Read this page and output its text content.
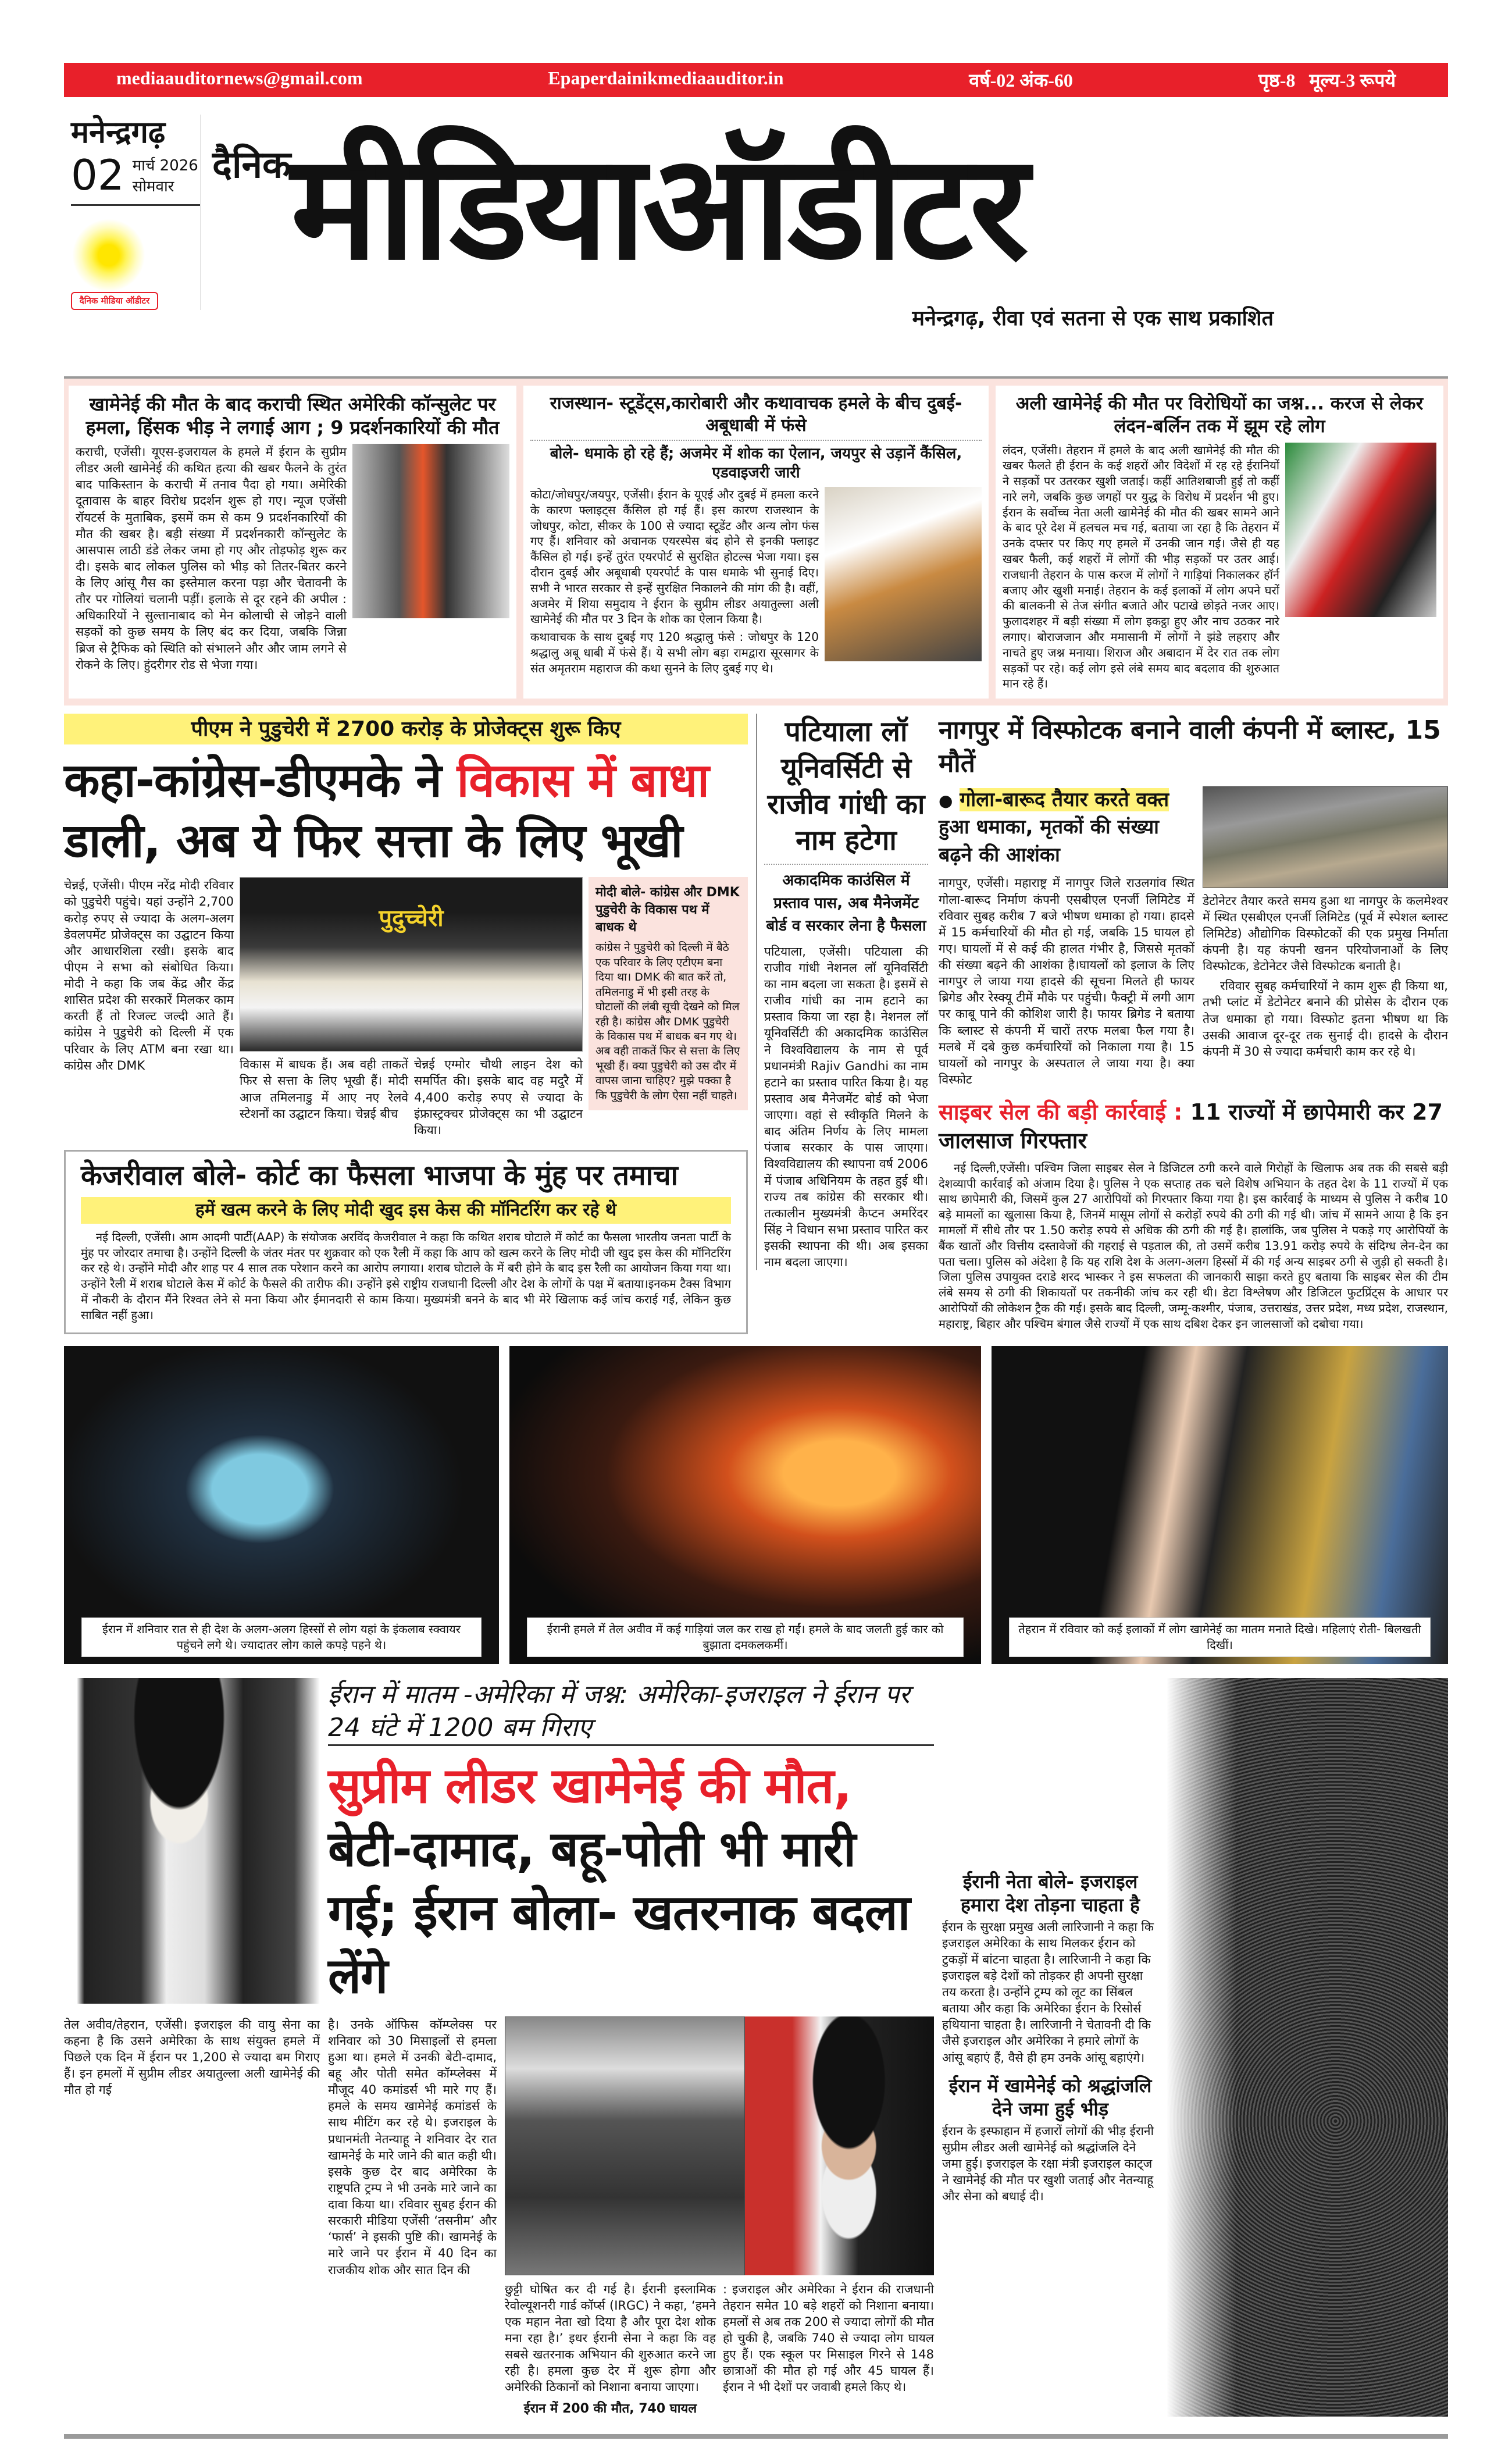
mediaauditornews@gmail.com	Epaperdainikmediaauditor.in	वर्ष-02 अंक-60	पृष्ठ-8 मूल्य-3 रूपये
मनेन्द्रगढ़
02 मार्च 2026
सोमवार
दैनिक मीडिया ऑडीटर
दैनिक मीडियाऑडीटर
मनेन्द्रगढ़, रीवा एवं सतना से एक साथ प्रकाशित
खामेनेई की मौत के बाद कराची स्थित अमेरिकी कॉन्सुलेट पर हमला, हिंसक भीड़ ने लगाई आग ; 9 प्रदर्शनकारियों की मौत
कराची, एजेंसी। यूएस-इजरायल के हमले में ईरान के सुप्रीम लीडर अली खामेनेई की कथित हत्या की खबर फैलने के तुरंत बाद पाकिस्तान के कराची में तनाव पैदा हो गया। अमेरिकी दूतावास के बाहर विरोध प्रदर्शन शुरू हो गए। न्यूज एजेंसी रॉयटर्स के मुताबिक, इसमें कम से कम 9 प्रदर्शनकारियों की मौत की खबर है। बड़ी संख्या में प्रदर्शनकारी कॉन्सुलेट के आसपास लाठी डंडे लेकर जमा हो गए और तोड़फोड़ शुरू कर दी। इसके बाद लोकल पुलिस को भीड़ को तितर-बितर करने के लिए आंसू गैस का इस्तेमाल करना पड़ा और चेतावनी के तौर पर गोलियां चलानी पड़ीं। इलाके से दूर रहने की अपील : अधिकारियों ने सुल्तानाबाद को मेन कोलाची से जोड़ने वाली सड़कों को कुछ समय के लिए बंद कर दिया, जबकि जिन्ना ब्रिज से ट्रैफिक को स्थिति को संभालने और और जाम लगने से रोकने के लिए। हुंदरीगर रोड से भेजा गया।
राजस्थान- स्टूडेंट्स,कारोबारी और कथावाचक हमले के बीच दुबई-अबूधाबी में फंसे
बोले- धमाके हो रहे हैं; अजमेर में शोक का ऐलान, जयपुर से उड़ानें कैंसिल, एडवाइजरी जारी
कोटा/जोधपुर/जयपुर, एजेंसी। ईरान के यूएई और दुबई में हमला करने के कारण फ्लाइट्स कैंसिल हो गई हैं। इस कारण राजस्थान के जोधपुर, कोटा, सीकर के 100 से ज्यादा स्टूडेंट और अन्य लोग फंस गए हैं। शनिवार को अचानक एयरस्पेस बंद होने से इनकी फ्लाइट कैंसिल हो गई। इन्हें तुरंत एयरपोर्ट से सुरक्षित होटल्स भेजा गया। इस दौरान दुबई और अबूधाबी एयरपोर्ट के पास धमाके भी सुनाई दिए। सभी ने भारत सरकार से इन्हें सुरक्षित निकालने की मांग की है। वहीं, अजमेर में शिया समुदाय ने ईरान के सुप्रीम लीडर अयातुल्ला अली खामेनेई की मौत पर 3 दिन के शोक का ऐलान किया है।
कथावाचक के साथ दुबई गए 120 श्रद्धालु फंसे : जोधपुर के 120 श्रद्धालु अबू धाबी में फंसे हैं। ये सभी लोग बड़ा रामद्वारा सूरसागर के संत अमृतराम महाराज की कथा सुनने के लिए दुबई गए थे।
अली खामेनेई की मौत पर विरोधियों का जश्न... करज से लेकर लंदन-बर्लिन तक में झूम रहे लोग
लंदन, एजेंसी। तेहरान में हमले के बाद अली खामेनेई की मौत की खबर फैलते ही ईरान के कई शहरों और विदेशों में रह रहे ईरानियों ने सड़कों पर उतरकर खुशी जताई। कहीं आतिशबाजी हुई तो कहीं नारे लगे, जबकि कुछ जगहों पर युद्ध के विरोध में प्रदर्शन भी हुए। ईरान के सर्वोच्च नेता अली खामेनेई की मौत की खबर सामने आने के बाद पूरे देश में हलचल मच गई, बताया जा रहा है कि तेहरान में उनके दफ्तर पर किए गए हमले में उनकी जान गई। जैसे ही यह खबर फैली, कई शहरों में लोगों की भीड़ सड़कों पर उतर आई। राजधानी तेहरान के पास करज में लोगों ने गाड़ियां निकालकर हॉर्न बजाए और खुशी मनाई। तेहरान के कई इलाकों में लोग अपने घरों की बालकनी से तेज संगीत बजाते और पटाखे छोड़ते नजर आए। फुलादशहर में बड़ी संख्या में लोग इकट्ठा हुए और नाच उठकर नारे लगाए। बोराजजान और ममासानी में लोगों ने झंडे लहराए और नाचते हुए जश्न मनाया। शिराज और अबादान में देर रात तक लोग सड़कों पर रहे। कई लोग इसे लंबे समय बाद बदलाव की शुरुआत मान रहे हैं।
पीएम ने पुडुचेरी में 2700 करोड़ के प्रोजेक्ट्स शुरू किए
कहा-कांग्रेस-डीएमके ने विकास में बाधा डाली, अब ये फिर सत्ता के लिए भूखी
चेन्नई, एजेंसी। पीएम नरेंद्र मोदी रविवार को पुडुचेरी पहुंचे। यहां उन्होंने 2,700 करोड़ रुपए से ज्यादा के अलग-अलग डेवलपमेंट प्रोजेक्ट्स का उद्घाटन किया और आधारशिला रखी। इसके बाद पीएम ने सभा को संबोधित किया। मोदी ने कहा कि जब केंद्र और केंद्र शासित प्रदेश की सरकारें मिलकर काम करती हैं तो रिजल्ट जल्दी आते हैं। कांग्रेस ने पुडुचेरी को दिल्ली में एक परिवार के लिए ATM बना रखा था। कांग्रेस और DMK
पुदुच्चेरी
विकास में बाधक हैं। अब वही ताकतें फिर से सत्ता के लिए भूखी हैं। मोदी आज तमिलनाडु में आए नए रेलवे स्टेशनों का उद्घाटन किया। चेन्नई बीच
चेन्नई एग्मोर चौथी लाइन देश को समर्पित की। इसके बाद वह मदुरै में 4,400 करोड़ रुपए से ज्यादा के इंफ्रास्ट्रक्चर प्रोजेक्ट्स का भी उद्घाटन किया।
मोदी बोले- कांग्रेस और DMK पुडुचेरी के विकास पथ में बाधक थे
कांग्रेस ने पुडुचेरी को दिल्ली में बैठे एक परिवार के लिए एटीएम बना दिया था। DMK की बात करें तो, तमिलनाडु में भी इसी तरह के घोटालों की लंबी सूची देखने को मिल रही है। कांग्रेस और DMK पुडुचेरी के विकास पथ में बाधक बन गए थे। अब वही ताकतें फिर से सत्ता के लिए भूखी हैं। क्या पुडुचेरी को उस दौर में वापस जाना चाहिए? मुझे पक्का है कि पुडुचेरी के लोग ऐसा नहीं चाहते।
केजरीवाल बोले- कोर्ट का फैसला भाजपा के मुंह पर तमाचा
हमें खत्म करने के लिए मोदी खुद इस केस की मॉनिटरिंग कर रहे थे
नई दिल्ली, एजेंसी। आम आदमी पार्टी(AAP) के संयोजक अरविंद केजरीवाल ने कहा कि कथित शराब घोटाले में कोर्ट का फैसला भारतीय जनता पार्टी के मुंह पर जोरदार तमाचा है। उन्होंने दिल्ली के जंतर मंतर पर शुक्रवार को एक रैली में कहा कि आप को खत्म करने के लिए मोदी जी खुद इस केस की मॉनिटरिंग कर रहे थे। उन्होंने मोदी और शाह पर 4 साल तक परेशान करने का आरोप लगाया। शराब घोटाले के में बरी होने के बाद इस रैली का आयोजन किया गया था। उन्होंने रैली में शराब घोटाले केस में कोर्ट के फैसले की तारीफ की। उन्होंने इसे राष्ट्रीय राजधानी दिल्ली और देश के लोगों के पक्ष में बताया।इनकम टैक्स विभाग में नौकरी के दौरान मैंने रिश्वत लेने से मना किया और ईमानदारी से काम किया। मुख्यमंत्री बनने के बाद भी मेरे खिलाफ कई जांच कराई गईं, लेकिन कुछ साबित नहीं हुआ।
पटियाला लॉ यूनिवर्सिटी से राजीव गांधी का नाम हटेगा
अकादमिक काउंसिल में प्रस्ताव पास, अब मैनेजमेंट बोर्ड व सरकार लेना है फैसला
पटियाला, एजेंसी। पटियाला की राजीव गांधी नेशनल लॉ यूनिवर्सिटी का नाम बदला जा सकता है। इसमें से राजीव गांधी का नाम हटाने का प्रस्ताव किया जा रहा है। नेशनल लॉ यूनिवर्सिटी की अकादमिक काउंसिल ने विश्वविद्यालय के नाम से पूर्व प्रधानमंत्री Rajiv Gandhi का नाम हटाने का प्रस्ताव पारित किया है। यह प्रस्ताव अब मैनेजमेंट बोर्ड को भेजा जाएगा। वहां से स्वीकृति मिलने के बाद अंतिम निर्णय के लिए मामला पंजाब सरकार के पास जाएगा। विश्वविद्यालय की स्थापना वर्ष 2006 में पंजाब अधिनियम के तहत हुई थी। राज्य तब कांग्रेस की सरकार थी। तत्कालीन मुख्यमंत्री कैप्टन अमरिंदर सिंह ने विधान सभा प्रस्ताव पारित कर इसकी स्थापना की थी। अब इसका नाम बदला जाएगा।
नागपुर में विस्फोटक बनाने वाली कंपनी में ब्लास्ट, 15 मौतें
● गोला-बारूद तैयार करते वक्त
हुआ धमाका, मृतकों की संख्या बढ़ने की आशंका
नागपुर, एजेंसी। महाराष्ट्र में नागपुर जिले राउलगांव स्थित गोला-बारूद निर्माण कंपनी एसबीएल एनर्जी लिमिटेड में रविवार सुबह करीब 7 बजे भीषण धमाका हो गया। हादसे में 15 कर्मचारियों की मौत हो गई, जबकि 15 घायल हो गए। घायलों में से कई की हालत गंभीर है, जिससे मृतकों की संख्या बढ़ने की आशंका है।घायलों को इलाज के लिए नागपुर ले जाया गया हादसे की सूचना मिलते ही फायर ब्रिगेड और रेस्क्यू टीमें मौके पर पहुंची। फैक्ट्री में लगी आग पर काबू पाने की कोशिश जारी है। फायर ब्रिगेड ने बताया कि ब्लास्ट से कंपनी में चारों तरफ मलबा फैल गया है। मलबे में दबे कुछ कर्मचारियों को निकाला गया है। 15 घायलों को नागपुर के अस्पताल ले जाया गया है। क्या विस्फोट
डेटोनेटर तैयार करते समय हुआ था नागपुर के कलमेश्वर में स्थित एसबीएल एनर्जी लिमिटेड (पूर्व में स्पेशल ब्लास्ट लिमिटेड) औद्योगिक विस्फोटकों की एक प्रमुख निर्माता कंपनी है। यह कंपनी खनन परियोजनाओं के लिए विस्फोटक, डेटोनेटर जैसे विस्फोटक बनाती है।
रविवार सुबह कर्मचारियों ने काम शुरू ही किया था, तभी प्लांट में डेटोनेटर बनाने की प्रोसेस के दौरान एक तेज धमाका हो गया। विस्फोट इतना भीषण था कि उसकी आवाज दूर-दूर तक सुनाई दी। हादसे के दौरान कंपनी में 30 से ज्यादा कर्मचारी काम कर रहे थे।
साइबर सेल की बड़ी कार्रवाई : 11 राज्यों में छापेमारी कर 27 जालसाज गिरफ्तार
नई दिल्ली,एजेंसी। पश्चिम जिला साइबर सेल ने डिजिटल ठगी करने वाले गिरोहों के खिलाफ अब तक की सबसे बड़ी देशव्यापी कार्रवाई को अंजाम दिया है। पुलिस ने एक सप्ताह तक चले विशेष अभियान के तहत देश के 11 राज्यों में एक साथ छापेमारी की, जिसमें कुल 27 आरोपियों को गिरफ्तार किया गया है। इस कार्रवाई के माध्यम से पुलिस ने करीब 10 बड़े मामलों का खुलासा किया है, जिनमें मासूम लोगों से करोड़ों रुपये की ठगी की गई थी। जांच में सामने आया है कि इन मामलों में सीधे तौर पर 1.50 करोड़ रुपये से अधिक की ठगी की गई है। हालांकि, जब पुलिस ने पकड़े गए आरोपियों के बैंक खातों और वित्तीय दस्तावेजों की गहराई से पड़ताल की, तो उसमें करीब 13.91 करोड़ रुपये के संदिग्ध लेन-देन का पता चला। पुलिस को अंदेशा है कि यह राशि देश के अलग-अलग हिस्सों में की गई अन्य साइबर ठगी से जुड़ी हो सकती है। जिला पुलिस उपायुक्त दराडे शरद भास्कर ने इस सफलता की जानकारी साझा करते हुए बताया कि साइबर सेल की टीम लंबे समय से ठगी की शिकायतों पर तकनीकी जांच कर रही थी। डेटा विश्लेषण और डिजिटल फुटप्रिंट्स के आधार पर आरोपियों की लोकेशन ट्रैक की गई। इसके बाद दिल्ली, जम्मू-कश्मीर, पंजाब, उत्तराखंड, उत्तर प्रदेश, मध्य प्रदेश, राजस्थान, महाराष्ट्र, बिहार और पश्चिम बंगाल जैसे राज्यों में एक साथ दबिश देकर इन जालसाजों को दबोचा गया।
ईरान में शनिवार रात से ही देश के अलग-अलग हिस्सों से लोग यहां के इंकलाब स्क्वायर पहुंचने लगे थे। ज्यादातर लोग काले कपड़े पहने थे।
ईरानी हमले में तेल अवीव में कई गाड़ियां जल कर राख हो गईं। हमले के बाद जलती हुई कार को बुझाता दमकलकर्मी।
तेहरान में रविवार को कई इलाकों में लोग खामेनेई का मातम मनाते दिखे। महिलाएं रोती- बिलखती दिखीं।
ईरान में मातम -अमेरिका में जश्न: अमेरिका-इजराइल ने ईरान पर 24 घंटे में 1200 बम गिराए
सुप्रीम लीडर खामेनेई की मौत, बेटी-दामाद, बहू-पोती भी मारी गई; ईरान बोला- खतरनाक बदला लेंगे
तेल अवीव/तेहरान, एजेंसी। इजराइल की वायु सेना का कहना है कि उसने अमेरिका के साथ संयुक्त हमले में पिछले एक दिन में ईरान पर 1,200 से ज्यादा बम गिराए हैं। इन हमलों में सुप्रीम लीडर अयातुल्ला अली खामेनेई की मौत हो गई
है। उनके ऑफिस कॉम्प्लेक्स पर शनिवार को 30 मिसाइलों से हमला हुआ था। हमले में उनकी बेटी-दामाद, बहू और पोती समेत कॉम्प्लेक्स में मौजूद 40 कमांडर्स भी मारे गए हैं। हमले के समय खामेनेई कमांडर्स के साथ मीटिंग कर रहे थे। इजराइल के प्रधानमंती नेतन्याहू ने शनिवार देर रात खामनेई के मारे जाने की बात कही थी। इसके कुछ देर बाद अमेरिका के राष्ट्रपति ट्रम्प ने भी उनके मारे जाने का दावा किया था। रविवार सुबह ईरान की सरकारी मीडिया एजेंसी ‘तसनीम’ और ‘फार्स’ ने इसकी पुष्टि की। खामनेई के मारे जाने पर ईरान में 40 दिन का राजकीय शोक और सात दिन की
छुट्टी घोषित कर दी गई है। ईरानी इस्लामिक रेवोल्यूशनरी गार्ड कॉर्प्स (IRGC) ने कहा, ‘हमने एक महान नेता खो दिया है और पूरा देश शोक मना रहा है।’ इधर ईरानी सेना ने कहा कि वह सबसे खतरनाक अभियान की शुरुआत करने जा रही है। हमला कुछ देर में शुरू होगा और अमेरिकी ठिकानों को निशाना बनाया जाएगा।
ईरान में 200 की मौत, 740 घायल
: इजराइल और अमेरिका ने ईरान की राजधानी तेहरान समेत 10 बड़े शहरों को निशाना बनाया। हमलों से अब तक 200 से ज्यादा लोगों की मौत हो चुकी है, जबकि 740 से ज्यादा लोग घायल हुए हैं। एक स्कूल पर मिसाइल गिरने से 148 छात्राओं की मौत हो गई और 45 घायल हैं। ईरान ने भी देशों पर जवाबी हमले किए थे।
ईरानी नेता बोले- इजराइल हमारा देश तोड़ना चाहता है
ईरान के सुरक्षा प्रमुख अली लारिजानी ने कहा कि इजराइल अमेरिका के साथ मिलकर ईरान को टुकड़ों में बांटना चाहता है। लारिजानी ने कहा कि इजराइल बड़े देशों को तोड़कर ही अपनी सुरक्षा तय करता है। उन्होंने ट्रम्प को लूट का सिंबल बताया और कहा कि अमेरिका ईरान के रिसोर्स हथियाना चाहता है। लारिजानी ने चेतावनी दी कि जैसे इजराइल और अमेरिका ने हमारे लोगों के आंसू बहाएं हैं, वैसे ही हम उनके आंसू बहाएंगे।
ईरान में खामेनेई को श्रद्धांजलि देने जमा हुई भीड़
ईरान के इस्फाहान में हजारों लोगों की भीड़ ईरानी सुप्रीम लीडर अली खामेनेई को श्रद्धांजलि देने जमा हुई। इजराइल के रक्षा मंत्री इजराइल काट्ज ने खामेनेई की मौत पर खुशी जताई और नेतन्याहू और सेना को बधाई दी।
